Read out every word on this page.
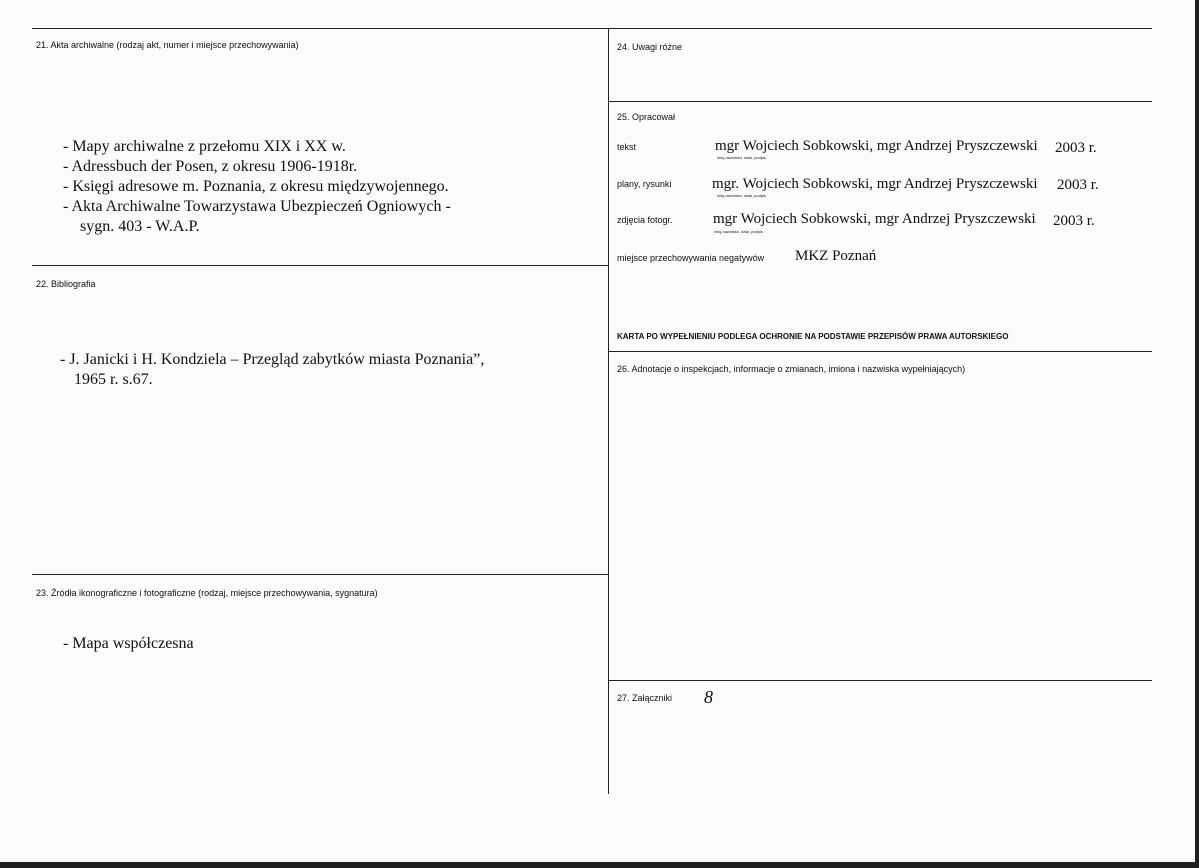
21. Akta archiwalne (rodzaj akt, numer i miejsce przechowywania)
- Mapy archiwalne z przełomu XIX i XX w.
- Adressbuch der Posen, z okresu 1906-1918r.
- Księgi adresowe m. Poznania, z okresu międzywojennego.
- Akta Archiwalne Towarzystawa Ubezpieczeń Ogniowych -
sygn. 403 - W.A.P.
22. Bibliografia
- J. Janicki i H. Kondziela – Przegląd zabytków miasta Poznania”,
1965 r. s.67.
23. Źródła ikonograficzne i fotograficzne (rodzaj, miejsce przechowywania, sygnatura)
- Mapa współczesna
24. Uwagi różne
25. Opracował
tekst	mgr Wojciech Sobkowski, mgr Andrzej Pryszczewski
imię,nazwisko, data, podpis
2003 r.
plany, rysunki	mgr. Wojciech Sobkowski, mgr Andrzej Pryszczewski
imię,nazwisko, data, podpis
2003 r.
zdjęcia fotogr.	mgr Wojciech Sobkowski, mgr Andrzej Pryszczewski
imię,nazwisko, data, podpis
2003 r.
miejsce przechowywania negatywów MKZ Poznań
KARTA PO WYPEŁNIENIU PODLEGA OCHRONIE NA PODSTAWIE PRZEPISÓW PRAWA AUTORSKIEGO
26. Adnotacje o inspekcjach, informacje o zmianach, imiona i nazwiska wypełniających)
27. Załączniki 8
